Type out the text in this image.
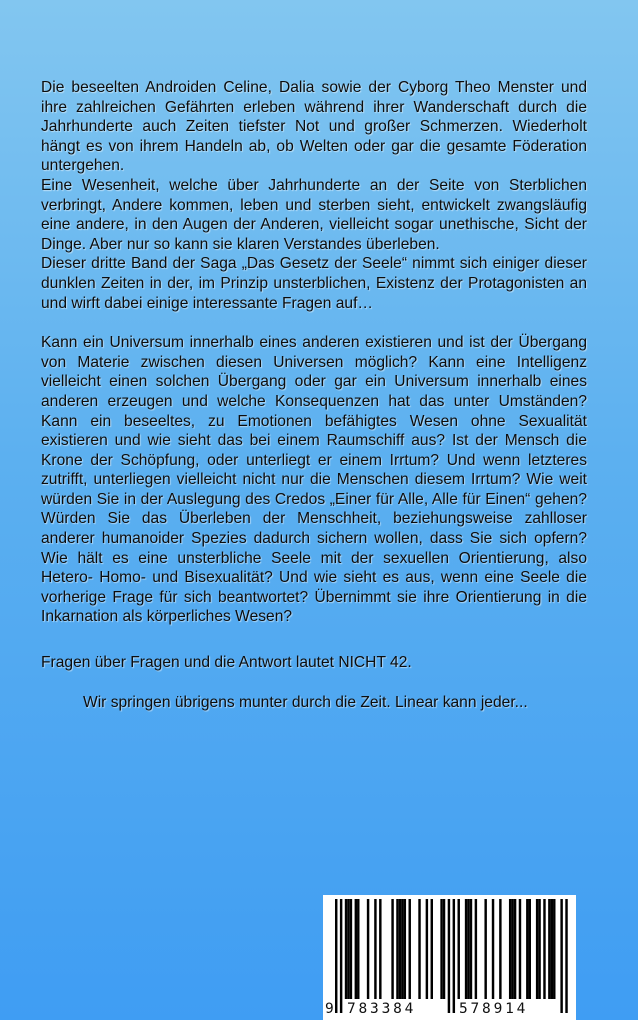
Die beseelten Androiden Celine, Dalia sowie der Cyborg Theo Menster und ihre zahlreichen Gefährten erleben während ihrer Wanderschaft durch die Jahrhunderte auch Zeiten tiefster Not und großer Schmerzen. Wiederholt hängt es von ihrem Handeln ab, ob Welten oder gar die gesamte Föderation untergehen.

Eine Wesenheit, welche über Jahrhunderte an der Seite von Sterblichen verbringt, Andere kommen, leben und sterben sieht, entwickelt zwangsläufig eine andere, in den Augen der Anderen, vielleicht sogar unethische, Sicht der Dinge. Aber nur so kann sie klaren Verstandes überleben.

Dieser dritte Band der Saga „Das Gesetz der Seele“ nimmt sich einiger dieser dunklen Zeiten in der, im Prinzip unsterblichen, Existenz der Protagonisten an und wirft dabei einige interessante Fragen auf…

Kann ein Universum innerhalb eines anderen existieren und ist der Übergang von Materie zwischen diesen Universen möglich? Kann eine Intelligenz vielleicht einen solchen Übergang oder gar ein Universum innerhalb eines anderen erzeugen und welche Konsequenzen hat das unter Umständen? Kann ein beseeltes, zu Emotionen befähigtes Wesen ohne Sexualität existieren und wie sieht das bei einem Raumschiff aus? Ist der Mensch die Krone der Schöpfung, oder unterliegt er einem Irrtum? Und wenn letzteres zutrifft, unterliegen vielleicht nicht nur die Menschen diesem Irrtum? Wie weit würden Sie in der Auslegung des Credos „Einer für Alle, Alle für Einen“ gehen? Würden Sie das Überleben der Menschheit, beziehungsweise zahlloser anderer humanoider Spezies dadurch sichern wollen, dass Sie sich opfern? Wie hält es eine unsterbliche Seele mit der sexuellen Orientierung, also Hetero- Homo- und Bisexualität? Und wie sieht es aus, wenn eine Seele die vorherige Frage für sich beantwortet? Übernimmt sie ihre Orientierung in die Inkarnation als körperliches Wesen?

Fragen über Fragen und die Antwort lautet NICHT 42.

Wir springen übrigens munter durch die Zeit. Linear kann jeder...

9 783384	578914
